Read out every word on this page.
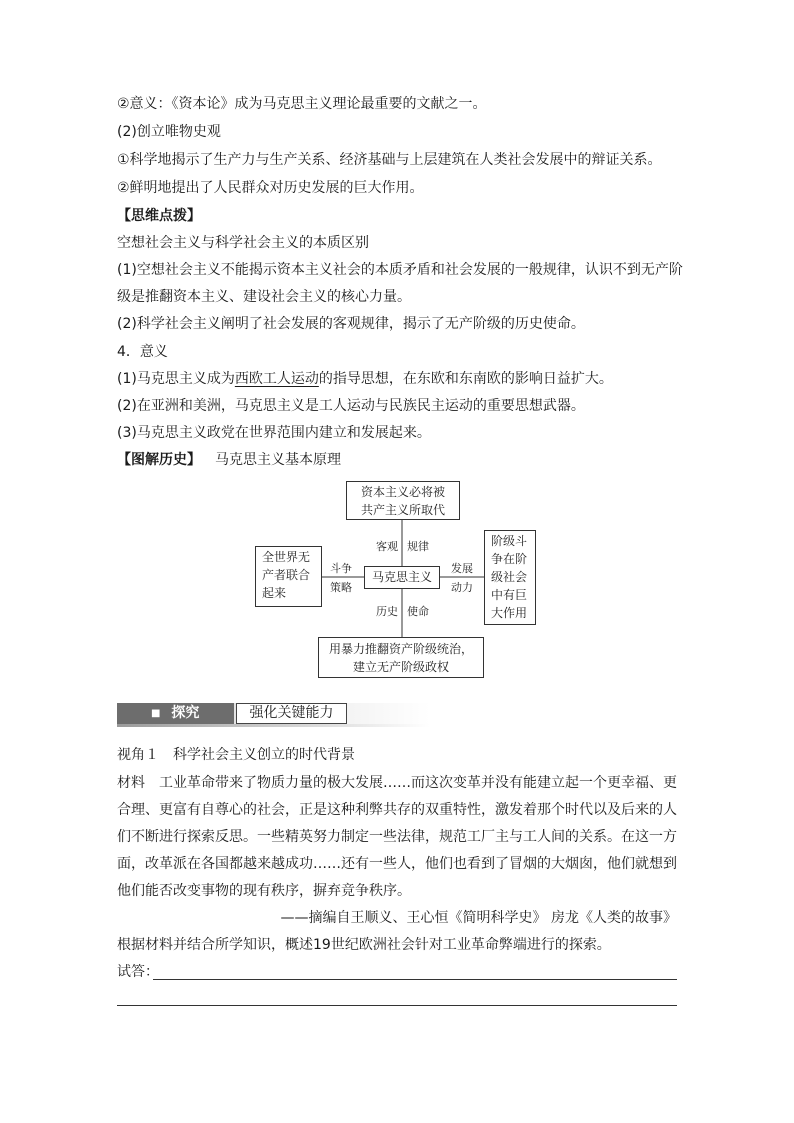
②意义：《资本论》成为马克思主义理论最重要的文献之一。
(2)创立唯物史观
①科学地揭示了生产力与生产关系、经济基础与上层建筑在人类社会发展中的辩证关系。
②鲜明地提出了人民群众对历史发展的巨大作用。
【思维点拨】
空想社会主义与科学社会主义的本质区别
(1)空想社会主义不能揭示资本主义社会的本质矛盾和社会发展的一般规律，认识不到无产阶
级是推翻资本主义、建设社会主义的核心力量。
(2)科学社会主义阐明了社会发展的客观规律，揭示了无产阶级的历史使命。
4．意义
(1)马克思主义成为西欧工人运动的指导思想，在东欧和东南欧的影响日益扩大。
(2)在亚洲和美洲，马克思主义是工人运动与民族民主运动的重要思想武器。
(3)马克思主义政党在世界范围内建立和发展起来。
【图解历史】  马克思主义基本原理
资本主义必将被
共产主义所取代
马克思主义
全世界无
产者联合
起来
阶级斗
争在阶
级社会
中有巨
大作用
用暴力推翻资产阶级统治，
建立无产阶级政权
客观 规律
斗争
策略
发展
动力
历史 使命
■ 探究	强化关键能力
视角１　科学社会主义创立的时代背景
材料　工业革命带来了物质力量的极大发展……而这次变革并没有能建立起一个更幸福、更
合理、更富有自尊心的社会，正是这种利弊共存的双重特性，激发着那个时代以及后来的人
们不断进行探索反思。一些精英努力制定一些法律，规范工厂主与工人间的关系。在这一方
面，改革派在各国都越来越成功……还有一些人，他们也看到了冒烟的大烟囱，他们就想到
他们能否改变事物的现有秩序，摒弃竞争秩序。
——摘编自王顺义、王心恒《简明科学史》 房龙《人类的故事》
根据材料并结合所学知识，概述19世纪欧洲社会针对工业革命弊端进行的探索。
试答：
